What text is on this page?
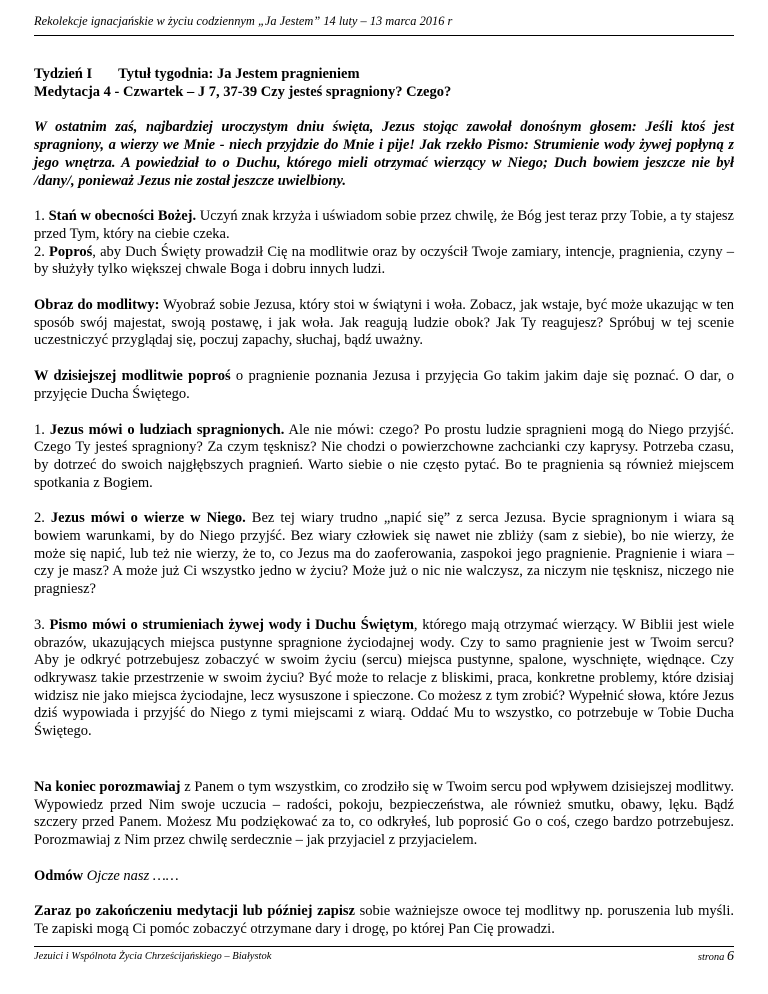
Rekolekcje ignacjańskie w życiu codziennym „Ja Jestem” 14 luty – 13 marca 2016 r
Tydzień I Tytuł tygodnia: Ja Jestem pragnieniem
Medytacja 4 - Czwartek – J 7, 37-39 Czy jesteś spragniony? Czego?

W ostatnim zaś, najbardziej uroczystym dniu święta, Jezus stojąc zawołał donośnym głosem: Jeśli ktoś jest spragniony, a wierzy we Mnie - niech przyjdzie do Mnie i pije! Jak rzekło Pismo: Strumienie wody żywej popłyną z jego wnętrza. A powiedział to o Duchu, którego mieli otrzymać wierzący w Niego; Duch bowiem jeszcze nie był /dany/, ponieważ Jezus nie został jeszcze uwielbiony.

1. Stań w obecności Bożej. Uczyń znak krzyża i uświadom sobie przez chwilę, że Bóg jest teraz przy Tobie, a ty stajesz przed Tym, który na ciebie czeka.

2. Poproś, aby Duch Święty prowadził Cię na modlitwie oraz by oczyścił Twoje zamiary, intencje, pragnienia, czyny – by służyły tylko większej chwale Boga i dobru innych ludzi.

Obraz do modlitwy: Wyobraź sobie Jezusa, który stoi w świątyni i woła. Zobacz, jak wstaje, być może ukazując w ten sposób swój majestat, swoją postawę, i jak woła. Jak reagują ludzie obok? Jak Ty reagujesz? Spróbuj w tej scenie uczestniczyć przyglądaj się, poczuj zapachy, słuchaj, bądź uważny.

W dzisiejszej modlitwie poproś o pragnienie poznania Jezusa i przyjęcia Go takim jakim daje się poznać. O dar, o przyjęcie Ducha Świętego.

1. Jezus mówi o ludziach spragnionych. Ale nie mówi: czego? Po prostu ludzie spragnieni mogą do Niego przyjść. Czego Ty jesteś spragniony? Za czym tęsknisz? Nie chodzi o powierzchowne zachcianki czy kaprysy. Potrzeba czasu, by dotrzeć do swoich najgłębszych pragnień. Warto siebie o nie często pytać. Bo te pragnienia są również miejscem spotkania z Bogiem.

2. Jezus mówi o wierze w Niego. Bez tej wiary trudno „napić się” z serca Jezusa. Bycie spragnionym i wiara są bowiem warunkami, by do Niego przyjść. Bez wiary człowiek się nawet nie zbliży (sam z siebie), bo nie wierzy, że może się napić, lub też nie wierzy, że to, co Jezus ma do zaoferowania, zaspokoi jego pragnienie. Pragnienie i wiara – czy je masz? A może już Ci wszystko jedno w życiu? Może już o nic nie walczysz, za niczym nie tęsknisz, niczego nie pragniesz?

3. Pismo mówi o strumieniach żywej wody i Duchu Świętym, którego mają otrzymać wierzący. W Biblii jest wiele obrazów, ukazujących miejsca pustynne spragnione życiodajnej wody. Czy to samo pragnienie jest w Twoim sercu? Aby je odkryć potrzebujesz zobaczyć w swoim życiu (sercu) miejsca pustynne, spalone, wyschnięte, więdnące. Czy odkrywasz takie przestrzenie w swoim życiu? Być może to relacje z bliskimi, praca, konkretne problemy, które dzisiaj widzisz nie jako miejsca życiodajne, lecz wysuszone i spieczone. Co możesz z tym zrobić? Wypełnić słowa, które Jezus dziś wypowiada i przyjść do Niego z tymi miejscami z wiarą. Oddać Mu to wszystko, co potrzebuje w Tobie Ducha Świętego.

Na koniec porozmawiaj z Panem o tym wszystkim, co zrodziło się w Twoim sercu pod wpływem dzisiejszej modlitwy. Wypowiedz przed Nim swoje uczucia – radości, pokoju, bezpieczeństwa, ale również smutku, obawy, lęku. Bądź szczery przed Panem. Możesz Mu podziękować za to, co odkryłeś, lub poprosić Go o coś, czego bardzo potrzebujesz. Porozmawiaj z Nim przez chwilę serdecznie – jak przyjaciel z przyjacielem.

Odmów Ojcze nasz ……

Zaraz po zakończeniu medytacji lub później zapisz sobie ważniejsze owoce tej modlitwy np. poruszenia lub myśli. Te zapiski mogą Ci pomóc zobaczyć otrzymane dary i drogę, po której Pan Cię prowadzi.

Jezuici i Wspólnota Życia Chrześcijańskiego – Białystok	strona 6
